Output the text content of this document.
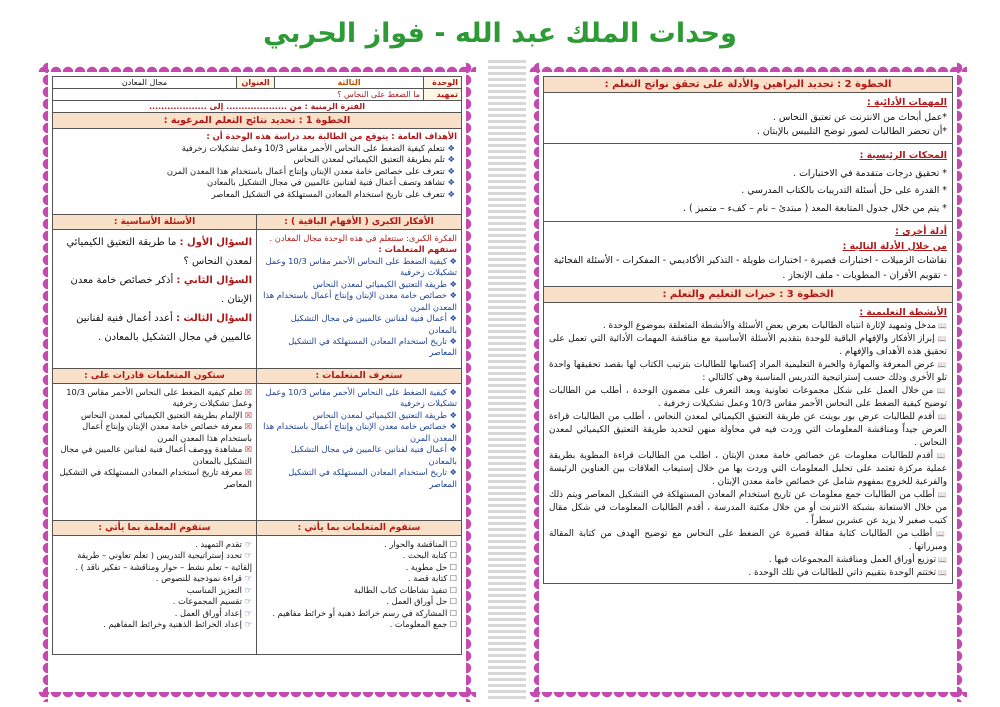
وحدات الملك عبد الله - فواز الحربي
الوحدة	الثالثة	العنوان	مجال المعادن
تمهيد	ما الضغط على النحاس ؟		
الفترة الزمنية : من .................... إلى ...................
الخطوة 1 : تحديد نتائج التعلم المرغوبة :
الأهداف العامة : يتوقع من الطالبة بعد دراسة هذه الوحدة أن :
❖ تتعلم كيفية الضغط على النحاس الأحمر مقاس 10/3 وعمل تشكيلات زخرفية
❖ تلم بطريقة التعتيق الكيميائي لمعدن النحاس
❖ تتعرف على خصائص خامة معدن الإبتان وإنتاج أعمال باستخدام هذا المعدن المرن
❖ تشاهد وتصف أعمال فنية لفنانين عالميين في مجال التشكيل بالمعادن
❖ تتعرف على تاريخ استخدام المعادن المستهلكة في التشكيل المعاصر
الأفكار الكبرى ( الأفهام الباقية ) :
الفكرة الكبرى: ستتعلم في هذه الوحدة مجال المعادن .
ستفهم المتعلمات :
❖ كيفية الضغط على النحاس الأحمر مقاس 10/3 وعمل تشكيلات زخرفية
❖ طريقة التعتيق الكيميائي لمعدن النحاس
❖ خصائص خامة معدن الإبتان وإنتاج أعمال باستخدام هذا المعدن المرن
❖ أعمال فنية لفنانين عالميين في مجال التشكيل بالمعادن
❖ تاريخ استخدام المعادن المستهلكة في التشكيل المعاصر
الأسئلة الأساسية :
السؤال الأول : ما طريقة التعتيق الكيميائي لمعدن النحاس ؟
السؤال الثاني : أذكر خصائص خامة معدن الإبتان .
السؤال الثالث : أعدد أعمال فنية لفنانين عالميين في مجال التشكيل بالمعادن .
ستعرف المتعلمات :
❖ كيفية الضغط على النحاس الأحمر مقاس 10/3 وعمل تشكيلات زخرفية
❖ طريقة التعتيق الكيميائي لمعدن النحاس
❖ خصائص خامة معدن الإبتان وإنتاج أعمال باستخدام هذا المعدن المرن
❖ أعمال فنية لفنانين عالميين في مجال التشكيل بالمعادن
❖ تاريخ استخدام المعادن المستهلكة في التشكيل المعاصر
ستكون المتعلمات قادرات على :
☒ تعلم كيفية الضغط على النحاس الأحمر مقاس 10/3 وعمل تشكيلات زخرفية
☒ الإلمام بطريقة التعتيق الكيميائي لمعدن النحاس
☒ معرفة خصائص خامة معدن الإبتان وإنتاج أعمال باستخدام هذا المعدن المرن
☒ مشاهدة ووصف أعمال فنية لفنانين عالميين في مجال التشكيل بالمعادن
☒ معرفة تاريخ استخدام المعادن المستهلكة في التشكيل المعاصر
ستقوم المتعلمات بما يأتي :
☐ المناقشة والحوار .
☐ كتابة البحث .
☐ حل مطوية .
☐ كتابة قصة .
☐ تنفيذ نشاطات كتاب الطالبة
☐ حل أوراق العمل .
☐ المشاركة في رسم خرائط ذهنية أو خرائط مفاهيم .
☐ جمع المعلومات .
ستقوم المعلمة بما يأتي :
☞ تقدم التمهيد .
☞ تحدد إستراتيجية التدريس ( تعلم تعاوني – طريقة إلقائية – تعلم نشط – حوار ومناقشة – تفكير ناقد ) .
☞ قراءة نموذجية للنصوص .
☞ التعزيز المناسب
☞ تقسيم المجموعات .
☞ إعداد أوراق العمل .
☞ إعداد الخرائط الذهنية وخرائط المفاهيم .
الخطوة 2 : تحديد البراهين والأدلة على تحقق نواتج التعلم :
المهمات الأدائية :
*عمل أبحاث من الانترنت عن تعتيق النحاس .
*أن تحضر الطالبات لصور توضح التلبيس بالإبتان .
المحكات الرئيسية :
* تحقيق درجات متقدمة في الاختبارات .
* القدرة على حل أسئلة التدريبات بالكتاب المدرسي .
* يتم من خلال جدول المتابعة المعد ( مبتدئ – نام – كفء – متميز ) .
أدلة أخرى :
من خلال الأدلة التالية :
نقاشات الزميلات - اختبارات قصيرة - اختبارات طويلة - التذكير الأكاديمي - المفكرات - الأسئلة الفجائية - تقويم الأقران - المطويات - ملف الإنجاز .
الخطوة 3 : خبرات التعليم والتعلم :
الأنشطة التعليمية :

📖 مدخل وتمهيد لإثارة انتباه الطالبات بعرض بعض الأسئلة والأنشطة المتعلقة بموضوع الوحدة .

📖 إبراز الأفكار والإفهام الباقية للوحدة بتقديم الأسئلة الأساسية مع مناقشة المهمات الأدائية التي تعمل على تحقيق هذه الأهداف والإفهام .

📖 عرض المعرفة والمهارة والخبرة التعليمية المراد إكسابها للطالبات بترتيب الكتاب لها بقصد تحقيقها واحدة تلو الأخرى وذلك حسب إستراتيجية التدريس المناسبة وهي كالتالي :

📖 من خلال العمل على شكل مجموعات تعاونية وبعد التعرف على مضمون الوحدة ، أطلب من الطالبات توضيح كيفية الضغط على النحاس الأحمر مقاس 10/3 وعمل تشكيلات زخرفية .

📖 أقدم للطالبات عرض بور بوينت عن طريقة التعتيق الكيميائي لمعدن النحاس ، أطلب من الطالبات قراءة العرض جيداً ومناقشة المعلومات التي وردت فيه في محاولة منهن لتحديد طريقة التعتيق الكيميائي لمعدن النحاس .

📖 أقدم للطالبات معلومات عن خصائص خامة معدن الإبتان ، اطلب من الطالبات قراءة المطوية بطريقة عملية مركزة تعتمد على تحليل المعلومات التي وردت بها من خلال إستيعاب العلاقات بين العناوين الرئيسة والفرعية للخروج بمفهوم شامل عن خصائص خامة معدن الإبتان .

📖 أطلب من الطالبات جمع معلومات عن تاريخ استخدام المعادن المستهلكة في التشكيل المعاصر ويتم ذلك من خلال الاستعانة بشبكة الانترنت أو من خلال مكتبة المدرسة ، أقدم الطالبات المعلومات في شكل مقال كتيب صغير لا يزيد عن عشرين سطراً .

📖 أطلب من الطالبات كتابة مقالة قصيرة عن الضغط على النحاس مع توضيح الهدف من كتابة المقالة ومبرراتها .

📖 توزيع أوراق العمل ومناقشة المجموعات فيها .

📖 تختتم الوحدة بتقييم ذاتي للطالبات في تلك الوحدة .
